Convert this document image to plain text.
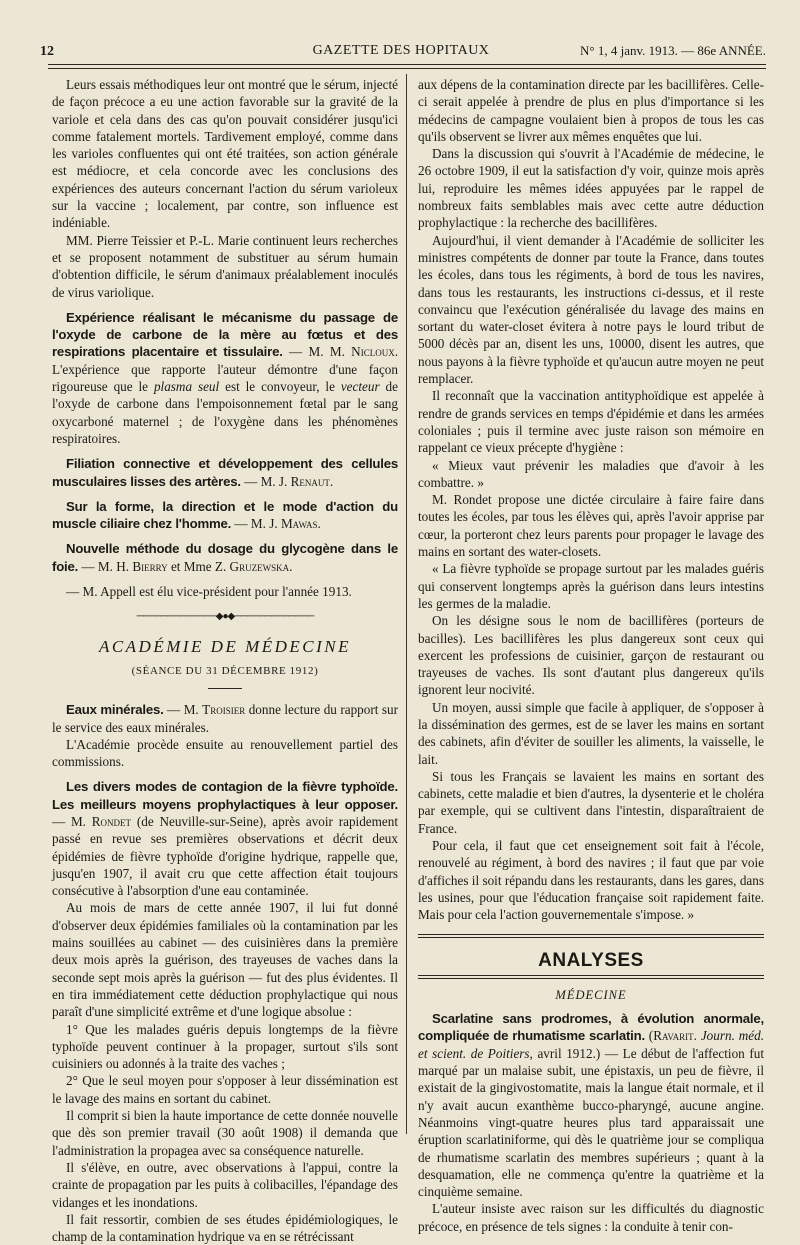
12	GAZETTE DES HOPITAUX	N° 1, 4 janv. 1913. — 86e ANNÉE.

Leurs essais méthodiques leur ont montré que le sérum, injecté de façon précoce a eu une action favorable sur la gravité de la variole et cela dans des cas qu'on pouvait considérer jusqu'ici comme fatalement mortels. Tardivement employé, comme dans les varioles confluentes qui ont été traitées, son action générale est médiocre, et cela concorde avec les conclusions des expériences des auteurs concernant l'action du sérum varioleux sur la vaccine ; localement, par contre, son influence est indéniable.

MM. Pierre Teissier et P.-L. Marie continuent leurs recherches et se proposent notamment de substituer au sérum humain d'obtention difficile, le sérum d'animaux préalablement inoculés de virus variolique.

Expérience réalisant le mécanisme du passage de l'oxyde de carbone de la mère au fœtus et des respirations placentaire et tissulaire. — M. M. Nicloux. L'expérience que rapporte l'auteur démontre d'une façon rigoureuse que le plasma seul est le convoyeur, le vecteur de l'oxyde de carbone dans l'empoisonnement fœtal par le sang oxycarboné maternel ; de l'oxygène dans les phénomènes respiratoires.

Filiation connective et développement des cellules musculaires lisses des artères. — M. J. Renaut.

Sur la forme, la direction et le mode d'action du muscle ciliaire chez l'homme. — M. J. Mawas.

Nouvelle méthode du dosage du glycogène dans le foie. — M. H. Bierry et Mme Z. Gruzewska.

— M. Appell est élu vice-président pour l'année 1913.

─────────────◆●◆─────────────

ACADÉMIE DE MÉDECINE

(SÉANCE DU 31 DÉCEMBRE 1912)

Eaux minérales. — M. Troisier donne lecture du rapport sur le service des eaux minérales.

L'Académie procède ensuite au renouvellement partiel des commissions.

Les divers modes de contagion de la fièvre typhoïde. Les meilleurs moyens prophylactiques à leur opposer. — M. Rondet (de Neuville-sur-Seine), après avoir rapidement passé en revue ses premières observations et décrit deux épidémies de fièvre typhoïde d'origine hydrique, rappelle que, jusqu'en 1907, il avait cru que cette affection était toujours consécutive à l'absorption d'une eau contaminée.

Au mois de mars de cette année 1907, il lui fut donné d'observer deux épidémies familiales où la contamination par les mains souillées au cabinet — des cuisinières dans la première deux mois après la guérison, des trayeuses de vaches dans la seconde sept mois après la guérison — fut des plus évidentes. Il en tira immédiatement cette déduction prophylactique qui nous paraît d'une simplicité extrême et d'une logique absolue :

1° Que les malades guéris depuis longtemps de la fièvre typhoïde peuvent continuer à la propager, surtout s'ils sont cuisiniers ou adonnés à la traite des vaches ;

2° Que le seul moyen pour s'opposer à leur dissémination est le lavage des mains en sortant du cabinet.

Il comprit si bien la haute importance de cette donnée nouvelle que dès son premier travail (30 août 1908) il demanda que l'administration la propagea avec sa conséquence naturelle.

Il s'élève, en outre, avec observations à l'appui, contre la crainte de propagation par les puits à colibacilles, l'épandage des vidanges et les inondations.

Il fait ressortir, combien de ses études épidémiologiques, le champ de la contamination hydrique va en se rétrécissant

aux dépens de la contamination directe par les bacillifères. Celle-ci serait appelée à prendre de plus en plus d'importance si les médecins de campagne voulaient bien à propos de tous les cas qu'ils observent se livrer aux mêmes enquêtes que lui.

Dans la discussion qui s'ouvrit à l'Académie de médecine, le 26 octobre 1909, il eut la satisfaction d'y voir, quinze mois après lui, reproduire les mêmes idées appuyées par le rappel de nombreux faits semblables mais avec cette autre déduction prophylactique : la recherche des bacillifères.

Aujourd'hui, il vient demander à l'Académie de solliciter les ministres compétents de donner par toute la France, dans toutes les écoles, dans tous les régiments, à bord de tous les navires, dans tous les restaurants, les instructions ci-dessus, et il reste convaincu que l'exécution généralisée du lavage des mains en sortant du water-closet évitera à notre pays le lourd tribut de 5000 décès par an, disent les uns, 10000, disent les autres, que nous payons à la fièvre typhoïde et qu'aucun autre moyen ne peut remplacer.

Il reconnaît que la vaccination antityphoïdique est appelée à rendre de grands services en temps d'épidémie et dans les armées coloniales ; puis il termine avec juste raison son mémoire en rappelant ce vieux précepte d'hygiène :

« Mieux vaut prévenir les maladies que d'avoir à les combattre. »

M. Rondet propose une dictée circulaire à faire faire dans toutes les écoles, par tous les élèves qui, après l'avoir apprise par cœur, la porteront chez leurs parents pour propager le lavage des mains en sortant des water-closets.

« La fièvre typhoïde se propage surtout par les malades guéris qui conservent longtemps après la guérison dans leurs intestins les germes de la maladie.

On les désigne sous le nom de bacillifères (porteurs de bacilles). Les bacillifères les plus dangereux sont ceux qui exercent les professions de cuisinier, garçon de restaurant ou trayeuses de vaches. Ils sont d'autant plus dangereux qu'ils ignorent leur nocivité.

Un moyen, aussi simple que facile à appliquer, de s'opposer à la dissémination des germes, est de se laver les mains en sortant des cabinets, afin d'éviter de souiller les aliments, la vaisselle, le lait.

Si tous les Français se lavaient les mains en sortant des cabinets, cette maladie et bien d'autres, la dysenterie et le choléra par exemple, qui se cultivent dans l'intestin, disparaîtraient de France.

Pour cela, il faut que cet enseignement soit fait à l'école, renouvelé au régiment, à bord des navires ; il faut que par voie d'affiches il soit répandu dans les restaurants, dans les gares, dans les usines, pour que l'éducation française soit rapidement faite. Mais pour cela l'action gouvernementale s'impose. »

ANALYSES

MÉDECINE

Scarlatine sans prodromes, à évolution anormale, compliquée de rhumatisme scarlatin. (Ravarit. Journ. méd. et scient. de Poitiers, avril 1912.) — Le début de l'affection fut marqué par un malaise subit, une épistaxis, un peu de fièvre, il existait de la gingivostomatite, mais la langue était normale, et il n'y avait aucun exanthème bucco-pharyngé, aucune angine. Néanmoins vingt-quatre heures plus tard apparaissait une éruption scarlatiniforme, qui dès le quatrième jour se compliqua de rhumatisme scarlatin des membres supérieurs ; quant à la desquamation, elle ne commença qu'entre la quatrième et la cinquième semaine.

L'auteur insiste avec raison sur les difficultés du diagnostic précoce, en présence de tels signes : la conduite à tenir con-
